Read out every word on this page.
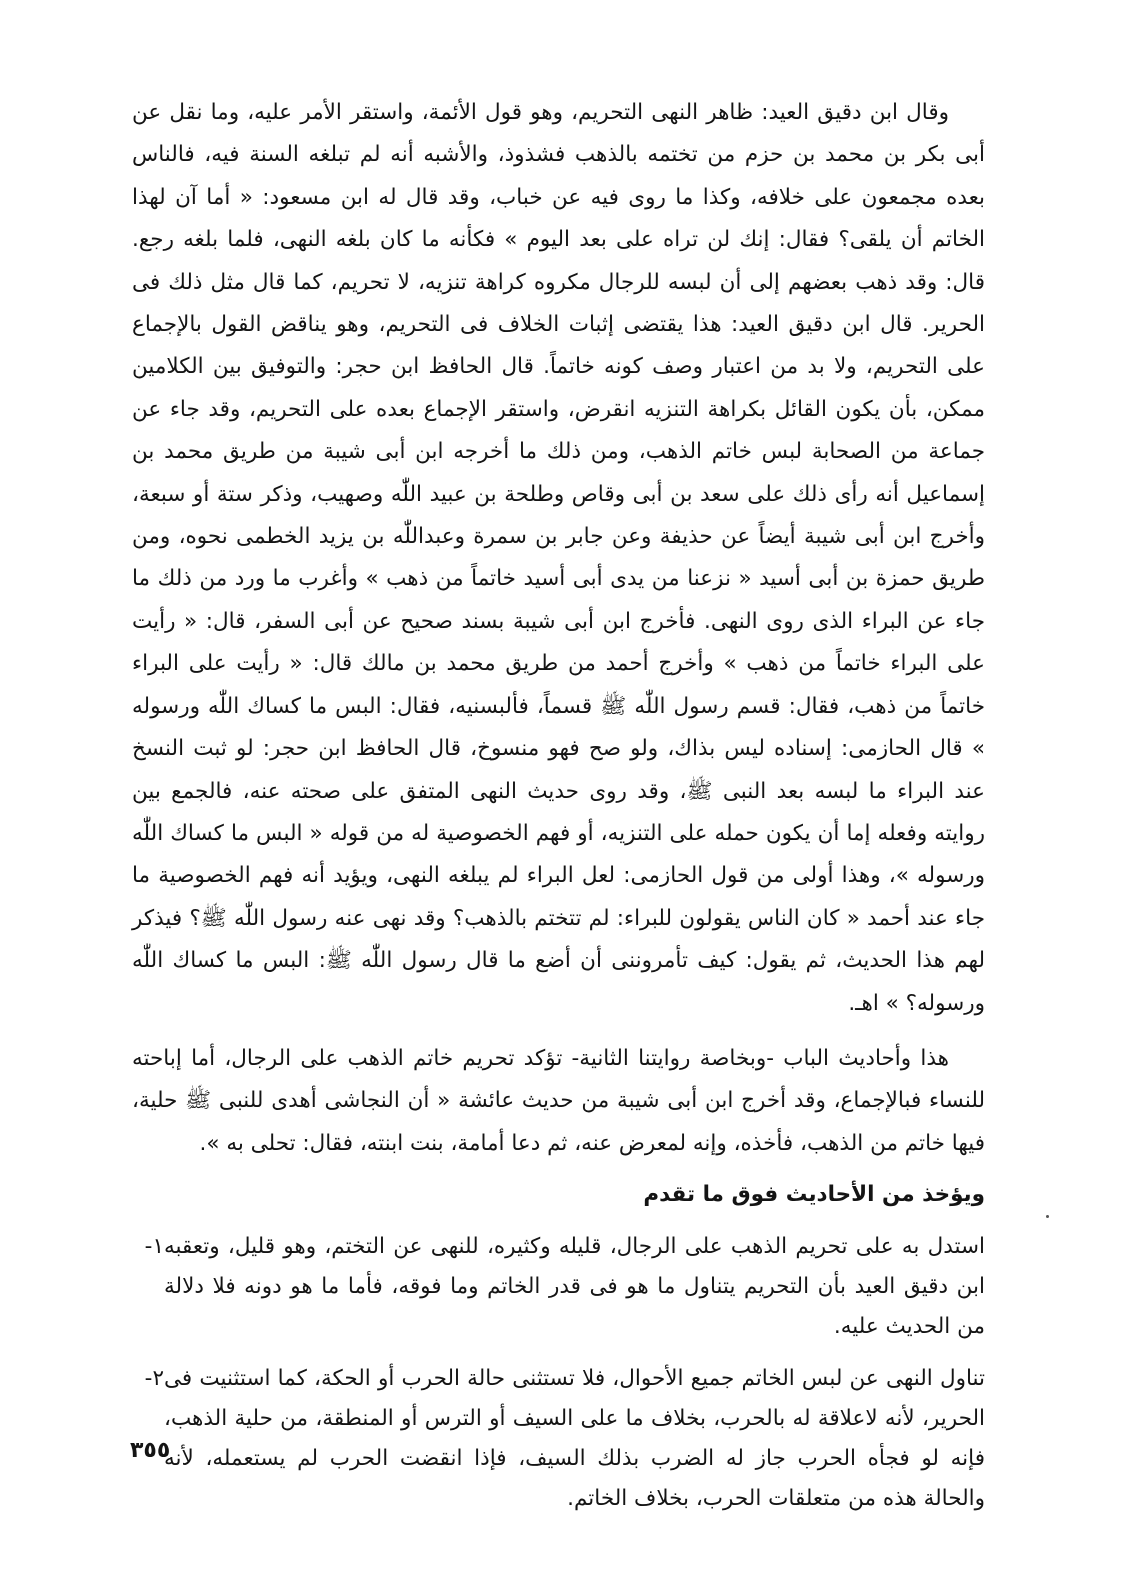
وقال ابن دقيق العيد: ظاهر النهى التحريم، وهو قول الأئمة، واستقر الأمر عليه، وما نقل عن أبى بكر بن محمد بن حزم من تختمه بالذهب فشذوذ، والأشبه أنه لم تبلغه السنة فيه، فالناس بعده مجمعون على خلافه، وكذا ما روى فيه عن خباب، وقد قال له ابن مسعود: « أما آن لهذا الخاتم أن يلقى؟ فقال: إنك لن تراه على بعد اليوم » فكأنه ما كان بلغه النهى، فلما بلغه رجع. قال: وقد ذهب بعضهم إلى أن لبسه للرجال مكروه كراهة تنزيه، لا تحريم، كما قال مثل ذلك فى الحرير. قال ابن دقيق العيد: هذا يقتضى إثبات الخلاف فى التحريم، وهو يناقض القول بالإجماع على التحريم، ولا بد من اعتبار وصف كونه خاتماً. قال الحافظ ابن حجر: والتوفيق بين الكلامين ممكن، بأن يكون القائل بكراهة التنزيه انقرض، واستقر الإجماع بعده على التحريم، وقد جاء عن جماعة من الصحابة لبس خاتم الذهب، ومن ذلك ما أخرجه ابن أبى شيبة من طريق محمد بن إسماعيل أنه رأى ذلك على سعد بن أبى وقاص وطلحة بن عبيد اللّٰه وصهيب، وذكر ستة أو سبعة، وأخرج ابن أبى شيبة أيضاً عن حذيفة وعن جابر بن سمرة وعبداللّٰه بن يزيد الخطمى نحوه، ومن طريق حمزة بن أبى أسيد « نزعنا من يدى أبى أسيد خاتماً من ذهب » وأغرب ما ورد من ذلك ما جاء عن البراء الذى روى النهى. فأخرج ابن أبى شيبة بسند صحيح عن أبى السفر، قال: « رأيت على البراء خاتماً من ذهب » وأخرج أحمد من طريق محمد بن مالك قال: « رأيت على البراء خاتماً من ذهب، فقال: قسم رسول اللّٰه ﷺ قسماً، فألبسنيه، فقال: البس ما كساك اللّٰه ورسوله » قال الحازمى: إسناده ليس بذاك، ولو صح فهو منسوخ، قال الحافظ ابن حجر: لو ثبت النسخ عند البراء ما لبسه بعد النبى ﷺ، وقد روى حديث النهى المتفق على صحته عنه، فالجمع بين روايته وفعله إما أن يكون حمله على التنزيه، أو فهم الخصوصية له من قوله « البس ما كساك اللّٰه ورسوله »، وهذا أولى من قول الحازمى: لعل البراء لم يبلغه النهى، ويؤيد أنه فهم الخصوصية ما جاء عند أحمد « كان الناس يقولون للبراء: لم تتختم بالذهب؟ وقد نهى عنه رسول اللّٰه ﷺ؟ فيذكر لهم هذا الحديث، ثم يقول: كيف تأمروننى أن أضع ما قال رسول اللّٰه ﷺ: البس ما كساك اللّٰه ورسوله؟ » اهـ.

هذا وأحاديث الباب -وبخاصة روايتنا الثانية- تؤكد تحريم خاتم الذهب على الرجال، أما إباحته للنساء فبالإجماع، وقد أخرج ابن أبى شيبة من حديث عائشة « أن النجاشى أهدى للنبى ﷺ حلية، فيها خاتم من الذهب، فأخذه، وإنه لمعرض عنه، ثم دعا أمامة، بنت ابنته، فقال: تحلى به ».

ويؤخذ من الأحاديث فوق ما تقدم
١- استدل به على تحريم الذهب على الرجال، قليله وكثيره، للنهى عن التختم، وهو قليل، وتعقبه ابن دقيق العيد بأن التحريم يتناول ما هو فى قدر الخاتم وما فوقه، فأما ما هو دونه فلا دلالة من الحديث عليه.
٢- تناول النهى عن لبس الخاتم جميع الأحوال، فلا تستثنى حالة الحرب أو الحكة، كما استثنيت فى الحرير، لأنه لاعلاقة له بالحرب، بخلاف ما على السيف أو الترس أو المنطقة، من حلية الذهب، فإنه لو فجأه الحرب جاز له الضرب بذلك السيف، فإذا انقضت الحرب لم يستعمله، لأنه والحالة هذه من متعلقات الحرب، بخلاف الخاتم.
٣٥٥
